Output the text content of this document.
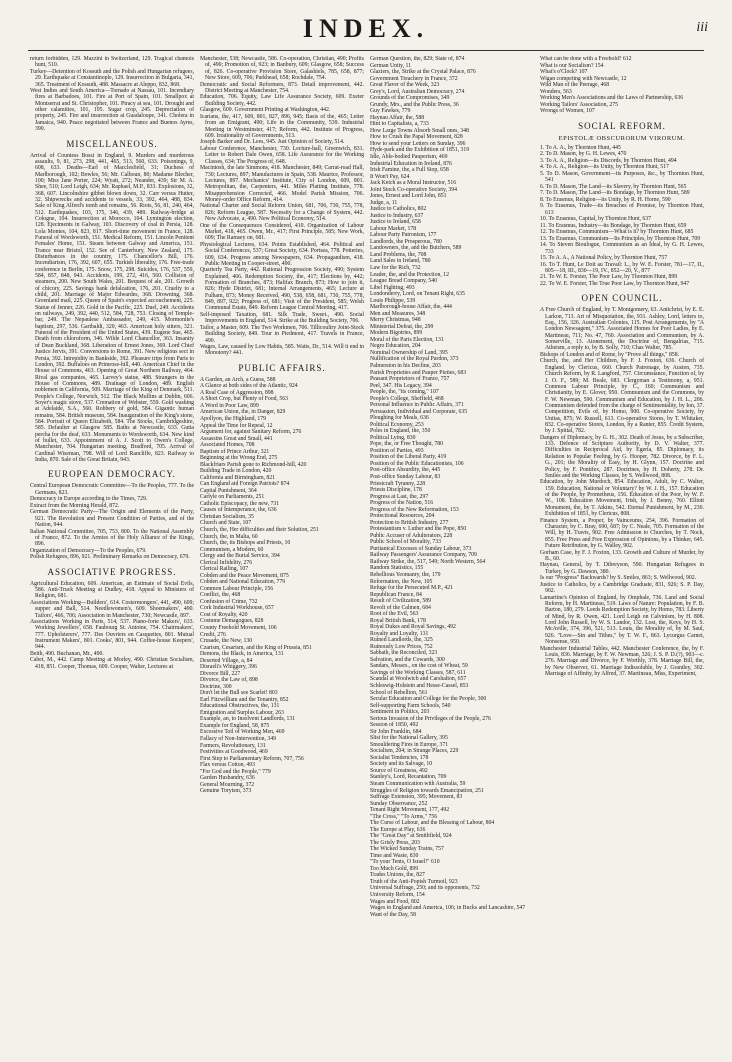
INDEX.	iii

return forbidden, 129. Mazzini in Switzerland, 129. Tragical chamois hunt, 510.

Turkey—Detention of Kossuth and the Polish and Hungarian refugees, 29. Earthquake at Constantinople, 129. Insurrection in Bulgaria, 341, 365. Treatment of Kossuth, 488. Massacre at Aleppo, 832, 868.

West Indies and South America—Tornado at Nassau, 101. Incendiary fires at Barbadoes, 101. Fire at Port of Spain, 101. Smallpox at Montserrat and St. Christopher, 101. Piracy at sea, 101. Drought and other calamities, 101, 195. Sugar crop, 245. Depreciation of property, 245. Fire and insurrection at Guadaloupe, 341. Cholera in Jamaica, 940. Peace negotiated between France and Buenos Ayres, 390.

MISCELLANEOUS.

Arrival of Countess Bossi in England, 9. Murders and murderous assaults, 9, 81, 273, 298, 441, 465, 513, 560, 633. Poisonings, 9, 608, 633. Deaths—Earl of Macclesfield, 31; Duchess of Marlborough, 102; Bowles, 56; Mr. Calhoun, 80; Madame Blecher, 100; Miss Jane Porter, 224; Wyatt, 272; Neander, 439; Sir M. A. Shee, 510; Lord Leigh, 634; Mr. Raphael, M.P., 833. Explosions, 32, 368, 607. Lincolnshire gibbet blown down, 32. Carr versus Hutter, 32. Shipwrecks and accidents to vessels, 33, 392, 464, 488, 834. Sale of King Alfred's tomb and remains, 56. Riots, 56, 81, 240, 464, 512. Earthquakes, 103, 175, 346, 439, 489. Railway-bridge at Cologne, 104. Insurrection at Morocco, 104. Lymington election, 128. Ejectments in Galway, 103. Discovery of coal in Persia, 128. Lola Montes, 104, 823, 817. Short-time movement in France, 128. Funeral of Wordsworth, 151. Medical Reform, 151. Lincoln Penitent Females' Home, 151. Steam between Galway and America, 151. Trance near Bristol, 152. See of Canterbury, New Zealand, 175. Disturbances in the country, 175. Chancellor's Bill, 176. Incendiarism, 176, 392, 607, 655. Turkish liberality, 176. Free-trade conference in Berlin, 175. Snow, 175, 298. Suicides, 176, 537, 559, 584, 857, 848, 943. Accidents, 199, 272, 416, 560. Collision of steamers, 200. New South Wales, 201. Bequest of ale, 201. Growth of chicory, 225. Savings bank defalcation, 176, 201. Cruelty to a child, 201. Marriage of Major Edwardes, 368. Drowning, 368. Greenland mail, 225. Queen of Spain's expected accouchement, 225. Statue of Jenner, 226. Gold in the Pacific, 225. Duel, 249. Accidents on railways, 249, 392, 440, 512, 584, 728, 753. Closing of Temple-bar, 249. The Nepaulese Ambassador, 249, 415. Mormonite's baptism, 297, 536. Garibaldi, 320, 463. American holy sitters, 321. Funeral of the President of the United States, 439. Eugene Sue, 465. Death from chloroform, 346. Wilde Lord Chancellor, 363. Insanity of Dean Buckland, 368. Liberation of Ernest Jones, 369. Lord Chief Justice Jervis, 391. Conversions to Rome, 391. New religious sect in Persia, 392. Intrepidity in Bankside, 392. Pleasure trips from Paris to London, 392. Buffaloes on Primrose-hill, 440. American Chief in the House of Commons, 463. Opening of Great Northern Railway, 464. Rival gas companies, 465. Larvey's statue, 488. Strangers in the House of Commons, 489. Drainage of London, 489. English noblemen in California, 509. Marriage of the King of Denmark, 511. People's College, Norwich, 512. The Black Mullins at Dublin, 606. Soyer's magic stove, 537. Cremation of Webster, 559. Gold washing at Adelaide, S.A., 560. Robbery of gold, 584. Gigantic human remains, 584. British museum, 584. Inauguration of the King's stone, 584. Portrait of Queen Elizabeth, 584. The Stocks, Cambridgeshire, 585. Defaulter at Glasgow 585. Baths at Newcastle, 633. Gutta percha for the deaf, 633. Monuments to Wordsworth, 634. New kind of bullet, 633. Appointment of A. J. Scott to Owen's College, Manchester, 704. Hungarian meeting, Bradford, 705. Arrival of Cardinal Wiseman, 798. Will of Lord Rancliffe, 823. Railway to India, 870. Sale of the Great Britain, 943.

EUROPEAN DEMOCRACY.

Central European Democratic Committee—To the Peoples, 777. To the Germans, 823.

Democracy in Europe according to the Times, 729.

Extract from the Morning Herald, 872.

German Democratic Party—The Origin and Elements of the Party, 921. The Revolution and Present Condition of Parties, and of the Nation, 944.

Italian National Committee, 705, 753, 800. To the National Assembly of France, 872. To the Armies of the Holy Alliance of the Kings, 896.

Organization of Democracy—To the Peoples, 679.

Polish Refugees, 896, 921. Preliminary Remarks on Democracy, 679.

ASSOCIATIVE PROGRESS.

Agricultural Education, 609. American, an Estimate of Social Evils, 586. Anti-Truck Meeting at Dudley, 418. Appeal to Ministers of Religion, 681.

Associations Working—Builders', 614. Costermongers', 441, 490, 609; supper and Ball, 514. Needlewomen's, 609. Shoemakers', 490. Tailors', 466, 706; Association in Manchester, 730; Newcastle, 897.

Associations Working in Paris, 514, 537. Piano-forte Makers', 633. Working Jewellers', 658. Faubourg St. Antoine, 754. Chairmakers', 777. Upholsterers', 777. Des Ouvriers en Casquettes, 801. Mutual Instrument Makers', 801. Cooks', 801, 944. Coffee-house Keepers', 944.

Beith, 490. Buchanan, Mr., 490.

Cabet, M., 442. Camp Meeting at Morley, 490. Christian Socialism, 418, 851. Cooper, Thomas, 609. Cooper, Walter, Lectures at

Manchester, 538; Newcastle, 586. Co-operation, Christian, 490; Profits of, 490; Promotion of, 923; in Banbury, 609; Glasgow, 658; Success of, 826. Co-operative Provision Store, Galashiels, 785, 658, 877; New Store, 609, 706; Parkhead, 658; Rochdale, 754.

Democratic and Social Reformers, 873. Detail improvement, 442. District Meeting at Manchester, 754.

Education, 706. Equity, Law Life Assurance Society, 609. Exeter Building Society, 442.

Glasgow, 609. Government Printing at Washington, 442.

Icarians, the, 417, 609, 801, 827, 896, 945; Basis of the, 465; Letter from an Emigrant, 490; Life in the Community, 539. Industrial Meeting in Westminster, 417; Reform, 442. Institute of Progress, 609. Irrationality of Governments, 513.

Joseph Barker and Dr. Lees, 945. Just Opinion of Society, 514.

Labour Conference, Manchester, 730. Lecture-hall, Greenwich, 831. Letter to Robert Dale Owen, 658. Life Assurance for the Working Classes, 634; The Progress of, 648.

Macintosh, the late Simmons, 418. Manchester, 849; Carrat-road Hall, 730; Lectures, 897; Manufactures in Spain, 538. Maurice, Professor, Lectures, 897. Mechanics' Institute, City of London, 609, 801. Metropolitan, the, Carpenters, 441. Miles Platting Institute, 778. Misapprehension Corrected, 466. Model Parish Mission, 706. Money-order Office Reform, 414.

National Charter and Social Reform Union, 681, 706, 730, 755, 778, 826; Reform League, 587. Necessity for a Change of System, 442. New Advocate, a, 490. New Political Economy, 514.

One of the Consequences Considered, 410. Organization of Labour Market, 418, 465. Owen, Mr., 417; First Principle, 585; New Work, 609; The Ramsey on, 681.

Physiological Lectures, 634. Points Established, 464. Political and Social Conferences, 537; Great Society, 634. Portsea, 778. Potteries, 609, 634. Progress among Newspapers, 634. Propagandism, 418. Public Meeting in Cooper-street, 490.

Quarterly Tea Party, 442. Rational Progression Society, 490; System Explained, 466. Redemption Society, the, 417; Elections by, 442; Formation of Branches, 873; Halifax Branch, 873; How to join it, 826; Hyde District, 681; Internal Arrangements, 465; Lecture at Fulham, 873; Money Received, 490, 538, 658, 681, 730, 755, 778, 849, 897, 922; Progress of, 681; Visit of the President, 585; Welsh Communal Estate, 849. Reform League Central Meeting, 417.

Self-imposed Taxation, 681. Silk Trade, Sweet., 490. Social Improvements in England, 514. Strike at the Building Society, 706.

Tailor, a Master, 609. The Two Workmen, 706. Tillicoultry Joint-Stock Building Society, 849. Tour in Piedmont, 417. Travels in France, 490.

Wages, Law, caused by Low Habits, 585. Watts, Dr., 514. Will it end in Monotony? 441.

PUBLIC AFFAIRS.

A Garden, an Arch, a Guess, 588

A Glance at both sides of the Atlantic, 924

A Real Case of Aggression, 898

A Short Crop, but Plenty of Food, 563

A Word in Poor Law, 899

American Union, the, in Danger, 829

Apollyon, the Highland, 179

Appeal the Time for Repeal, 12

Argument for, against Sanitary Reform, 276

Assassins Great and Small, 441

Associated Homes, 708

Baptism of Prince Arthur, 321

Beginning at the Wrong End, 275

Blackfriars Parish gone to Richmond-hill, 420

Building Trade in London, 420

California and Birmingham, 821

Can England aid Foreign Patriots? 874

Capital Punishment, 364

Carlyle on Parliaments, 251

Catholic Episcopacy, the new, 731

Causes of Intemperance, the, 636

Christian Socialism, 35

Church and State, 107

Church, the, Her difficulties and their Solution, 251

Church, the, in Malta, 60

Church, the, its Bishops and Priests, 10

Communism, a Modern, 60

Clergy and the Burial Service, 394

Clerical Infidelity, 276

Clerical Railing, 107

Cobden and the Peace Movement, 875

Cobden and National Education, 779

Common Labour Principle, 156

Conflict, the, 468

Confusion of Crime, 732

Cork Industrial Workhouse, 657

Cost of Royalty, 420

Costume Demagogues, 828

County Freehold Movement, 106

Credit, 276

Crusade, the New, 130

Czarism, Cesarism, and the King of Prussia, 851

Demons, the Black, in America, 131

Deserted Village, a, 84

Disraeli's Whiggery, 396

Divorce Bill, 227

Divorce, the Law of, 898

Doctrine, 300

Don't let the Bull see Scarlet! 803

Earl Fitzwilliam and the Tenantry, 852

Educational Obstructives, the, 131

Emigration and Surplus Labour, 263

Example, an, to Insolvent Landlords, 131

Example for England, 58, 875

Excessive Toil of Working Men, 469

Fallacy of Non-Intervention, 349

Farmers, Revolutionary, 131

Festivities at Goodwood, 469

First Step to Parliamentary Reform, 707, 756

Flax versus Cotton, 493

"For God and the People," 779

Garden Husbandry, 636

General Mourning, 372

Genuine Toryism, 373

German Question, the, 829; State of, 874

German Unity, 11

Glaziers, the, Strike at the Crystal Palace, 876

Government Treachery in France, 372

Great Flaver of the Week, 323

Grey's, Lord, Australian Democracy, 274

Grounds of the Compromises, 349

Grundy, Mrs., and the Public Press, 36

Guy Fawkes, 779

Haynau Affair, the, 588

Hint to Capitalists, a, 733

How Large Towns Absorb Small ones, 348

How to Crush the Papal Movement, 828

How to send your Letters on Sunday, 396

Hyde-park and the Exhibition of 1851, 319

Idle, Able-bodied Pauperism, 469

Industrial Education in Ireland, 876

Irish Famine, the, a Full Stop, 658

It Won't Pay, 624

Jack Ketch as a Moral Instructor, 516

Joint Stock Co-operative Society, 394

Jones, Ernest and Lord John, 851

Judge, a, 11

Justice to Catholics, 802

Justice to Industry, 637

Justice to Ireland, 658

Labour Market, 178

Labour Party Patronism, 177

Landlords, the Prosperous, 780

Landowners, the, and the Butchers, 589

Land Problems, the, 708

Land Sales in Ireland, 780

Law for the Rich, 732

Leader, the, and the Protection, 12

League Bread Company, 540

Libel Fighting, 493

Londonderry, Lord, on Tenant Right, 635

Louis Philippe, 539

Marlborough-house Affair, the, 444

Men and Measures, 348

Merry Christmas, 948

Ministerial Defeat, the, 299

Modern Bigotries, 899

Moral of the Paris Election, 131

Negro Education, 204

Nominal Ownership of Land, 395

Nullification of the Royal Pardon, 373

Palmerston in his Decline, 203

Parish Proprieties and Pauper Pieties, 683

Peasant Proprietors of France, 757

Peel, 347. His Legacy, 394

People, the, "its coming," 107

People's College, Sheffield, 468

Personal Influence in Public Affairs, 371

Persuasion, Individual and Corporate, 635

Ploughing for Meals, 636

Political Economy, 253

Poles in England, the, 350

Political Lying, 830

Pope, the, or Free Thought, 780

Position of Parties, 493

Position of the Liberal Party, 419

Position of the Public Educationists, 106

Post-office Absurdity, the, 445

Post-office Sunday Labour, 83

Priestcraft Tyranny, 228

Priests Discipline, 178

Progress at Last, the, 297

Progress of the Nation, 516

Progress of the New Reformation, 153

Protectional Resources, 204

Protection to British Industry, 277

Protestantism v. Luther and the Pope, 850

Public Accuser of Adulterators, 228

Public School of Morality, 733

Puritanical Excesses of Sunday Labour, 373

Railway Passengers' Assurance Company, 709

Railway Strike, the, 517, 549; North Western, 564

Random Statistics, 155

Rebellious Yeomanry, the, 179

Reformation, the New, 105

Refuge for the Persecuted M.P., 421

Republican France, 84

Result of Civilization, 589

Revolt of the Calmen, 684

Root of the Evil, 563

Royal British Bank, 178

Royal Dukes and Royal Savings, 492

Royalty and Loyalty, 131

Ruined Landlords, the, 325

Ruinously Low Prices, 752

Sabbath, the Reconciled, 323

Salvation, and the Cowards, 300

Sandars, Messrs., on the cost of Wheat, 59

Savings of the Working Classes, 587, 611

Scandal at Woolwich and Carshalton, 657

Schleswig-Holstein and Hesse-Cassel, 853

School of Rebellion, 561

Secular Education and College for the People, 300

Self-supporting Farm Schools, 540

Sentiment in Politics, 203

Serious Invasion of the Privileges of the People, 276

Session of 1850, 492

Sir John Franklin, 684

Slist for the National Gallery, 395

Smouldering Fires in Europe, 371

Socialism, 204; in Strange Places, 229

Socialist Tendencies, 178

Society and its Salvage, 10

Source of Greatness, 492

Stanley's, Lord, Recantation, 709

Steam Communication with Australia, 59

Struggles of Religion towards Emancipation, 251

Suffrage Extension, 395; Movement, 83

Sunday Observance, 252

Tenant Right Movement, 177, 492

"The Cross," "To Arms," 756

The Curse of Labour, and the Blessing of Labour, 804

The Europe at Play, 636

The "Great Day" at Smithfield, 924

The Grisly Press, 203

The Wicked Sunday Trains, 757

Time and Waste, 830

"To your Tents, O Israel!" 610

Too Much Gold, 899

Trades Unions, the, 827

Truth of the Anti-Popish Turmoil, 923

Universal Suffrage, 250; and its opponents, 732

University Reform, 154

Wages and Food, 802

Wages in England and America, 106; in Bucks and Lancashire, 547

Want of the Day, 58

What can be done with a Freehold? 612

What is our Socialism? 154

What's o'Clock? 107

Wigan competing with Newcastle, 12

Wild Man of the Peerage, 468

Wonders, 563

Working Men's Associations and the Laws of Partnership, 636

Working Tailors' Association, 275

Wrongs of Women, 107

SOCIAL REFORM.
EPISTOLÆ OBSCURORUM VIRORUM.

1. To A. A., by Thornton Hunt, 445

2. To D. Mason, by G. H. Lewes, 470

3. To A. A., Religion—its Discords, by Thornton Hunt, 494

4. To A. A., Religion—its Unity, by Thornton Hunt, 517

5. To D. Mason, Government—its Purposes, &c., by Thornton Hunt, 541

6. To D. Mason, The Land—its Slavery, by Thornton Hunt, 565

7. To D. Mason, The Land—its Bondage, by Thornton Hunt, 589

8. To Erasmus, Religion—its Unity, by R. H. Horne, 590

9. To Erasmus, Trade—its Breaches of Promise, by Thornton Hunt, 613

10. To Erasmus, Capital, by Thornton Hunt, 637

11. To Erasmus, Industry—its Bondage, by Thornton Hunt, 659

12. To Erasmus, Communism—What is it? by Thornton Hunt, 685

13. To Erasmus, Communism—Its Principles, by Thornton Hunt, 709

14. To Steven Bioulogue, Communism as an Ideal, by G. H. Lewes, 733

15. To A. A., A National Policy, by Thornton Hunt, 757

16. To T. Hunt, Le Doit au Travail: L., by W. E. Forster, 781—17, II., 805—18, III., 830—19, IV., 852—20, V., 877

21. To W. E. Forster, The Poor Law, by Thornton Hunt, 899

22. To W. E. Forster, The True Poor Law, by Thornton Hunt, 947

OPEN COUNCIL.

A Free Church of England, by T. Montgomery, 63. Antichrist, by E. E. Larkon, 713. Art of Misquotation, the, 931. Ashley, Lord, letters to, Esq., 156, 326. Australian Colonies, 115. Post Arrangements, by "A London Newsagent," 375. Associated Homes for Poor Ladies, by E. Martineau, 711; No. 47, 760. Association and Communism, by A. Somerville, 13. Atonement, the Doctrine of, Bengalrias, 715. Atheism, a reply to, by B. Solly, 710; Chas Walter, 785.

Bishops of London and of Rome, by "Prove all things," 858.

Church, the, and Her Children, by F. J. Foxton, 636. Church of England, by Clericus, 660. Church Patronage, by Austen, 735. Church Reform, by R. Langford, 757. Circumstance, Function of, by J. O. F., 589; M. Beale, 683. Clergyman a Testimony, a, 951. Common Labour Principle, by C., 160; Communism and Christianity, by E. Glover, 950. Communism and the Commons, by F. W. Newman, 590. Communism and Education, by J. H. L., 206. Communism defended from the charge of Sentimentality, by Ion, 37. Competition, Evils of, by Homo, 900. Co-operative Society, by Unitas, 875; W. Russell, 613. Co-operative Stores, by T. Whitaker, 832. Co-operative Stores, London, by a Ranter, 855. Credit System, by J. Spittal, 782.

Dangers of Diplomacy, by G. H., 302. Death of Jesus, by a Subscriber, 133. Defence of Scripture Authority, by D. V. Walter, 377. Difficulties in Reciprocal Aid, by Egeria, 85. Diplomacy, its Relation to Popular Feeling, by G. Hooper, 782. Divorce, by F. L. G., 201; the Morality of Easy, by H. Glynn, 157. Doctrine and Policy, by F. Pontifex, 287. Doctrines, by H. Doherty, 278. Dr. Smiles and the Working Classes, by S. Wellwood, 808.

Education, by John Murdoch, 854. Education, Adult, by C. Walter, 159. Education, National or Voluntary? by W. J. H., 157. Education of the People, by Prometheus, 156. Education of the Poor, by W. F. W., 108. Education Movement, Irish, by J. Benny, 760. Elliott Monument, the, by T. Atkins, 542. Eternal Punishment, by M., 230. Exhibition of 1851, by Clericus, 808.

Finance System, a Proper, by Vainceums, 254, 396. Formation of Character, by C. Bray, 690, 687; by C. Neale, 705. Formation of the Will, by H. Travis, 902. Free Admission to Churches, by T. Nock, 855. Free Press and Free Expression of Opinions, by a Thinker, 645. Future Retribution, by G. Walley, 902.

Gorham Case, by F. J. Foxton, 133. Growth and Culture of Murder, by B., 60.

Haynau, General, by T. Dibreyson, 590. Hungarian Refugees in Turkey, by G. Dawson, 380.

Is our "Progress" Backwards? by S. Smiles, 863; S. Wellwood, 902.

Justice to Catholics, by a Cambridge Graduate, 831, 926; S. P. Day, 902.

Lamartine's Opinion of England, by Omphale, 736. Land and Social Reform, by H. Martineau, 519. Laws of Nature: Population, by F. B. Barton, 180, 279. Leeds Redemption Society, by Homo, 783. Liberty of Mind, by R. Owen, 421. Lord Leigh on Calvinism, by H. 808. Lord John Russell, by W. S. Landor, 132. Lost, the, Keys, by H. S. McAville, 374, 396, 521, 513. Louis, the Morality of, by M. Saul, 926. "Love—Sin and Tithes," by T. W. F., 863. Lycurgus Carnet, Nonsense, 950.

Manchester Industrial Tables, 442. Manchester Conference, the, by F. Louis, 836. Marriage, by F. W. Newman, 326; J. S. P. D.(?), 903—c. 276. Marriage and Divorce, by F. Worthly, 378. Marriage Bill, the, by New Observer, 61. Marriage Indissoluble, by J. Grantley, 302. Marriage of Affinity, by Alfred, 37. Martineau, Miss, Experiment,
